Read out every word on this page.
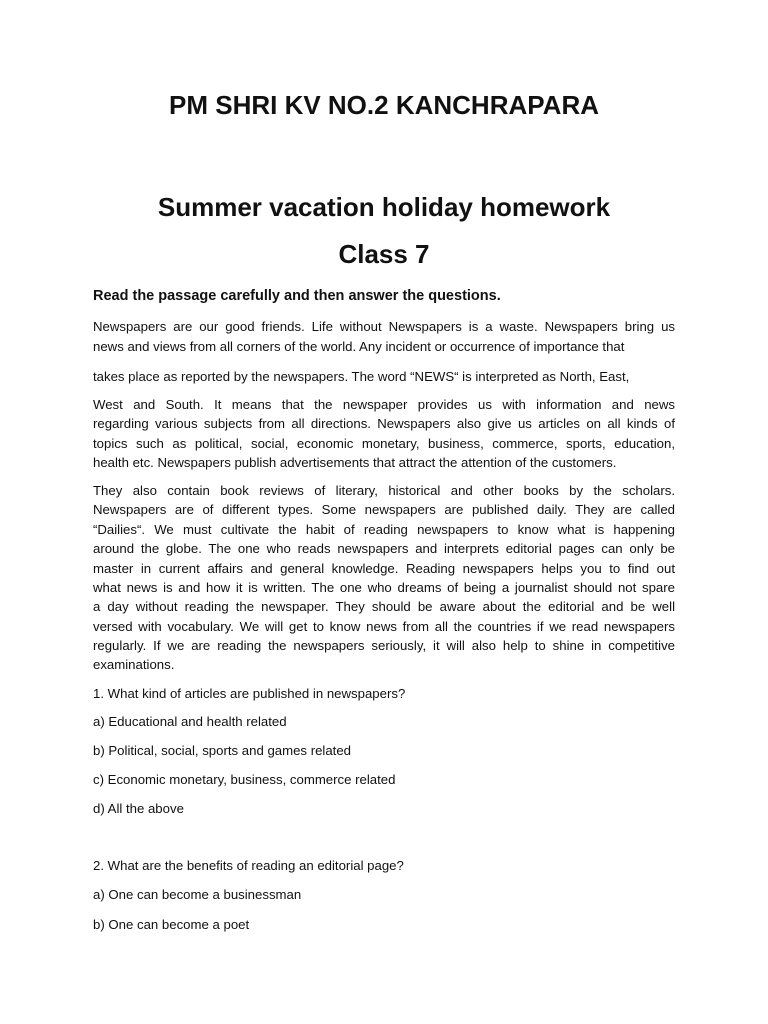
PM SHRI KV NO.2 KANCHRAPARA
Summer vacation holiday homework
Class 7
Read the passage carefully and then answer the questions.
Newspapers are our good friends. Life without Newspapers is a waste. Newspapers bring us
news and views from all corners of the world. Any incident or occurrence of importance that
takes place as reported by the newspapers. The word “NEWS“ is interpreted as North, East,
West and South. It means that the newspaper provides us with information and news
regarding various subjects from all directions. Newspapers also give us articles on all kinds of
topics such as political, social, economic monetary, business, commerce, sports, education,
health etc. Newspapers publish advertisements that attract the attention of the customers.
They also contain book reviews of literary, historical and other books by the scholars.
Newspapers are of different types. Some newspapers are published daily. They are called
“Dailies“. We must cultivate the habit of reading newspapers to know what is happening
around the globe. The one who reads newspapers and interprets editorial pages can only be
master in current affairs and general knowledge. Reading newspapers helps you to find out
what news is and how it is written. The one who dreams of being a journalist should not spare
a day without reading the newspaper. They should be aware about the editorial and be well
versed with vocabulary. We will get to know news from all the countries if we read newspapers
regularly. If we are reading the newspapers seriously, it will also help to shine in competitive
examinations.
1. What kind of articles are published in newspapers?
a) Educational and health related
b) Political, social, sports and games related
c) Economic monetary, business, commerce related
d) All the above
2. What are the benefits of reading an editorial page?
a) One can become a businessman
b) One can become a poet
